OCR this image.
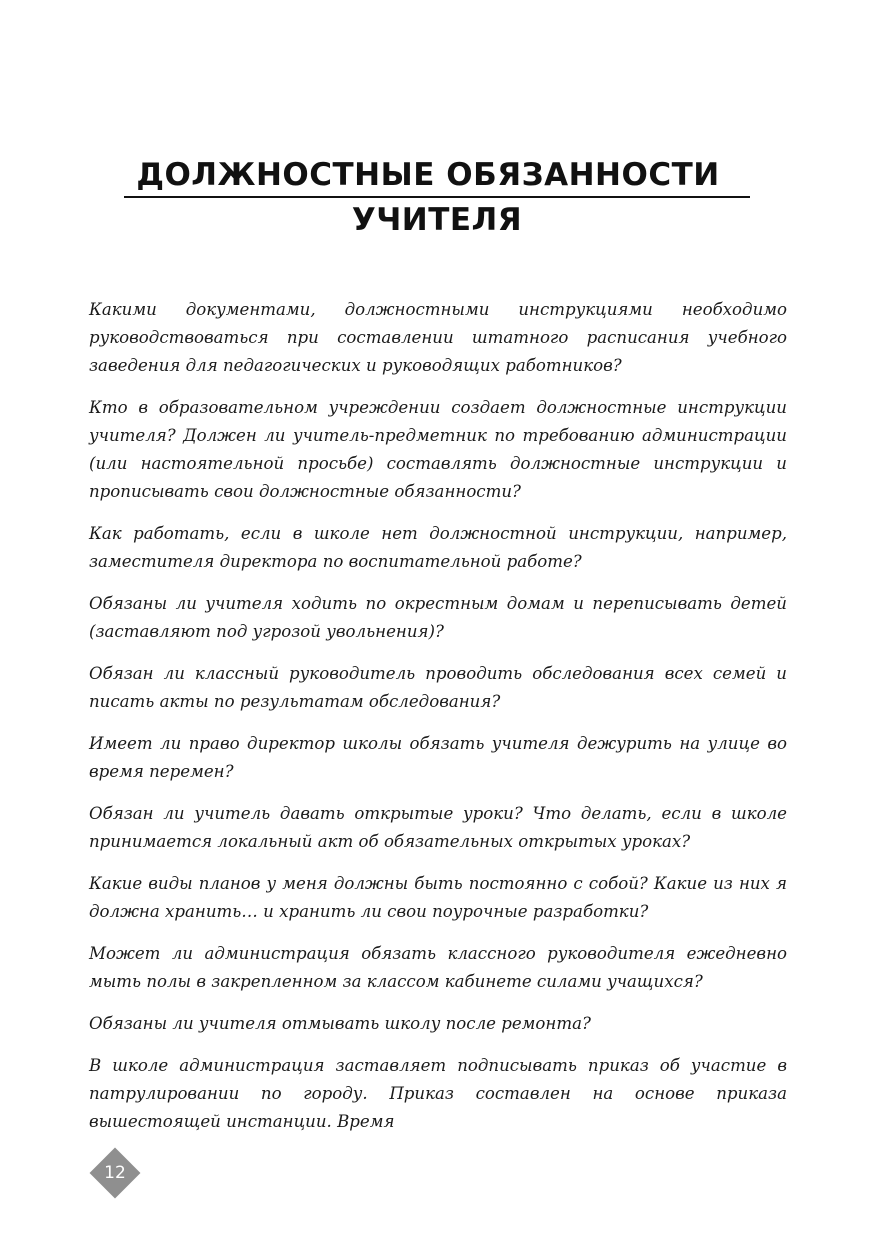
ДОЛЖНОСТНЫЕ ОБЯЗАННОСТИ
УЧИТЕЛЯ

Какими документами, должностными инструкциями необходимо руководствоваться при составлении штатного расписания учебного заведения для педагогических и руководящих работников?

Кто в образовательном учреждении создает должностные инструкции учителя? Должен ли учитель-предметник по требованию администрации (или настоятельной просьбе) составлять должностные инструкции и прописывать свои должностные обязанности?

Как работать, если в школе нет должностной инструкции, например, заместителя директора по воспитательной работе?

Обязаны ли учителя ходить по окрестным домам и переписывать детей (заставляют под угрозой увольнения)?

Обязан ли классный руководитель проводить обследования всех семей и писать акты по результатам обследования?

Имеет ли право директор школы обязать учителя дежурить на улице во время перемен?

Обязан ли учитель давать открытые уроки? Что делать, если в школе принимается локальный акт об обязательных открытых уроках?

Какие виды планов у меня должны быть постоянно с собой? Какие из них я должна хранить… и хранить ли свои поурочные разработки?

Может ли администрация обязать классного руководителя ежедневно мыть полы в закрепленном за классом кабинете силами учащихся?

Обязаны ли учителя отмывать школу после ремонта?

В школе администрация заставляет подписывать приказ об участие в патрулировании по городу. Приказ составлен на основе приказа вышестоящей инстанции. Время

12
